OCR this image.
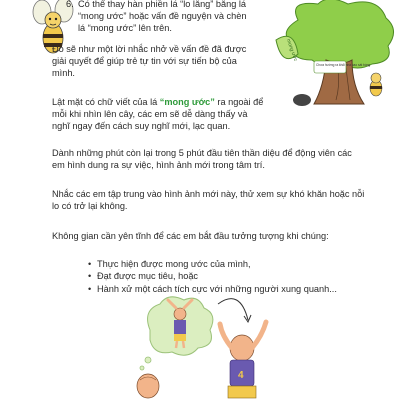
6. Có thể thay hàn phiền lá “lo lắng” bằng lá “mong ước” hoặc vấn đề nguyện và chèn lá “mong ước” lên trên.

Đó sẽ như một lời nhắc nhở về vấn đề đã được giải quyết để giúp trẻ tự tin với sự tiến bộ của mình.

Lật mặt có chữ viết của lá “mong ước” ra ngoài để mỗi khi nhìn lên cây, các em sẽ dễ dàng thấy và nghĩ ngay đến cách suy nghĩ mới, lạc quan.

mong ước
Chưa hướng ra khỏi nhà cao sát bóng

Dành những phút còn lại trong 5 phút đầu tiên thần diệu để động viên các em hình dung ra sự việc, hình ảnh mới trong tâm trí.

Nhắc các em tập trung vào hình ảnh mới này, thử xem sự khó khăn hoặc nỗi lo có trở lại không.

Không gian cần yên tĩnh để các em bắt đầu tưởng tượng khi chúng:

• Thực hiện được mong ước của mình,
• Đạt được mục tiêu, hoặc
• Hành xử một cách tích cực với những người xung quanh...
4
